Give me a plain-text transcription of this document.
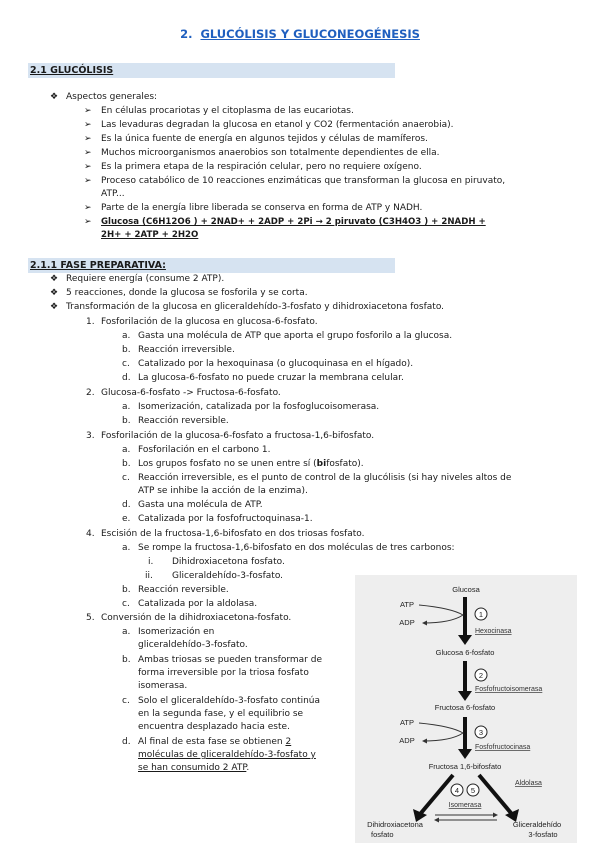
2. GLUCÓLISIS Y GLUCONEOGÉNESIS
2.1 GLUCÓLISIS
❖ Aspectos generales:
➢ En células procariotas y el citoplasma de las eucariotas.
➢ Las levaduras degradan la glucosa en etanol y CO2 (fermentación anaerobia).
➢ Es la única fuente de energía en algunos tejidos y células de mamíferos.
➢ Muchos microorganismos anaerobios son totalmente dependientes de ella.
➢ Es la primera etapa de la respiración celular, pero no requiere oxígeno.
➢ Proceso catabólico de 10 reacciones enzimáticas que transforman la glucosa en piruvato,
ATP...
➢ Parte de la energía libre liberada se conserva en forma de ATP y NADH.
➢ Glucosa (C6H12O6 ) + 2NAD+ + 2ADP + 2Pi → 2 piruvato (C3H4O3 ) + 2NADH +
2H+ + 2ATP + 2H2O
2.1.1 FASE PREPARATIVA:
❖ Requiere energía (consume 2 ATP).
❖ 5 reacciones, donde la glucosa se fosforila y se corta.
❖ Transformación de la glucosa en gliceraldehído-3-fosfato y dihidroxiacetona fosfato.
1. Fosforilación de la glucosa en glucosa-6-fosfato.
a. Gasta una molécula de ATP que aporta el grupo fosforilo a la glucosa.
b. Reacción irreversible.
c. Catalizado por la hexoquinasa (o glucoquinasa en el hígado).
d. La glucosa-6-fosfato no puede cruzar la membrana celular.
2. Glucosa-6-fosfato -> Fructosa-6-fosfato.
a. Isomerización, catalizada por la fosfoglucoisomerasa.
b. Reacción reversible.
3. Fosforilación de la glucosa-6-fosfato a fructosa-1,6-bifosfato.
a. Fosforilación en el carbono 1.
b. Los grupos fosfato no se unen entre sí (bifosfato).
c. Reacción irreversible, es el punto de control de la glucólisis (si hay niveles altos de
ATP se inhibe la acción de la enzima).
d. Gasta una molécula de ATP.
e. Catalizada por la fosfofructoquinasa-1.
4. Escisión de la fructosa-1,6-bifosfato en dos triosas fosfato.
a. Se rompe la fructosa-1,6-bifosfato en dos moléculas de tres carbonos:
i. Dihidroxiacetona fosfato.
ii. Gliceraldehído-3-fosfato.
b. Reacción reversible.
c. Catalizada por la aldolasa.
5. Conversión de la dihidroxiacetona-fosfato.
a. Isomerización en
gliceraldehído-3-fosfato.
b. Ambas triosas se pueden transformar de
forma irreversible por la triosa fosfato
isomerasa.
c. Solo el gliceraldehído-3-fosfato continúa
en la segunda fase, y el equilibrio se
encuentra desplazado hacia este.
d. Al final de esta fase se obtienen 2
moléculas de gliceraldehído-3-fosfato y
se han consumido 2 ATP.
Glucosa
ATP
ADP
1
Hexocinasa
Glucosa 6-fosfato
2
Fosfofructoisomerasa
Fructosa 6-fosfato
ATP
ADP
3
Fosfofructocinasa
Fructosa 1,6-bifosfato
Aldolasa
4 5
Isomerasa
Dihidroxiacetona
fosfato
Gliceraldehído
3-fosfato
